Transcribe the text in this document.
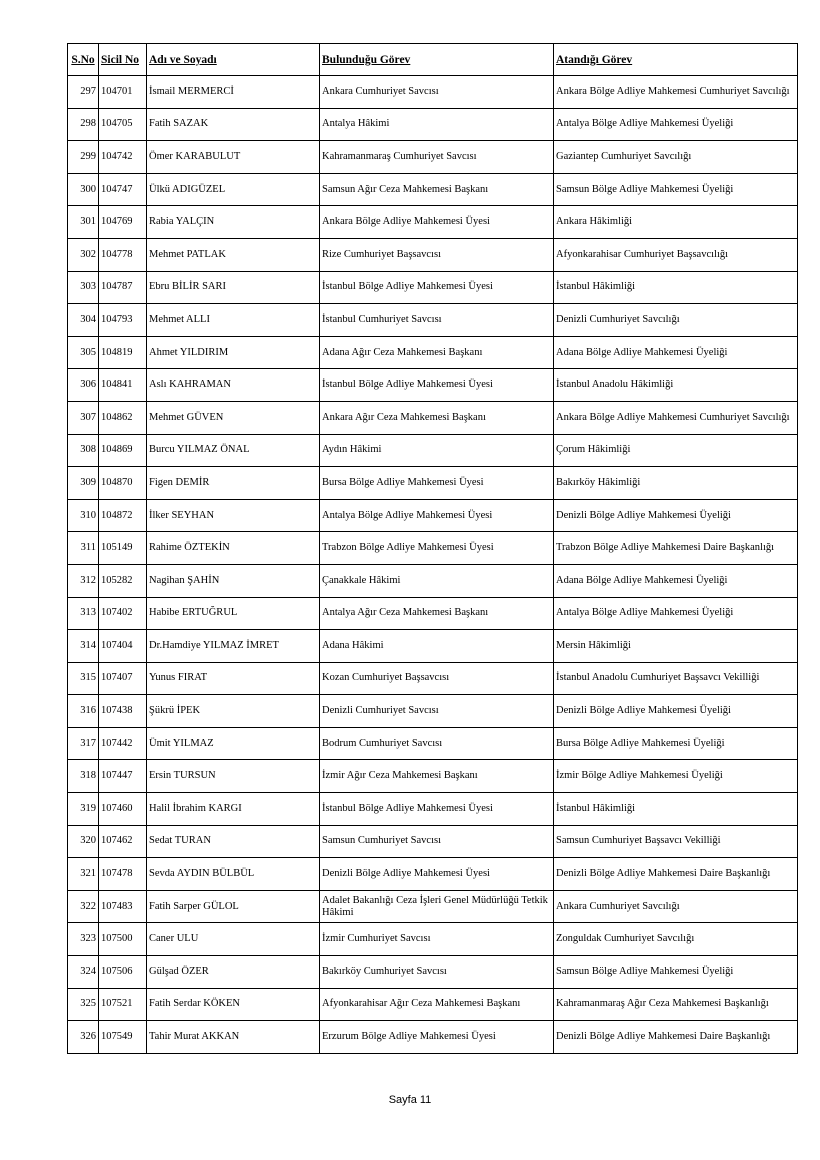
S.No	Sicil No	Adı ve Soyadı	Bulunduğu Görev	Atandığı Görev
297	104701	İsmail MERMERCİ	Ankara Cumhuriyet Savcısı	Ankara Bölge Adliye Mahkemesi Cumhuriyet Savcılığı
298	104705	Fatih SAZAK	Antalya Hâkimi	Antalya Bölge Adliye Mahkemesi Üyeliği
299	104742	Ömer KARABULUT	Kahramanmaraş Cumhuriyet Savcısı	Gaziantep Cumhuriyet Savcılığı
300	104747	Ülkü ADIGÜZEL	Samsun Ağır Ceza Mahkemesi Başkanı	Samsun Bölge Adliye Mahkemesi Üyeliği
301	104769	Rabia YALÇIN	Ankara Bölge Adliye Mahkemesi Üyesi	Ankara Hâkimliği
302	104778	Mehmet PATLAK	Rize Cumhuriyet Başsavcısı	Afyonkarahisar Cumhuriyet Başsavcılığı
303	104787	Ebru BİLİR SARI	İstanbul Bölge Adliye Mahkemesi Üyesi	İstanbul Hâkimliği
304	104793	Mehmet ALLI	İstanbul Cumhuriyet Savcısı	Denizli Cumhuriyet Savcılığı
305	104819	Ahmet YILDIRIM	Adana Ağır Ceza Mahkemesi Başkanı	Adana Bölge Adliye Mahkemesi Üyeliği
306	104841	Aslı KAHRAMAN	İstanbul Bölge Adliye Mahkemesi Üyesi	İstanbul Anadolu Hâkimliği
307	104862	Mehmet GÜVEN	Ankara Ağır Ceza Mahkemesi Başkanı	Ankara Bölge Adliye Mahkemesi Cumhuriyet Savcılığı
308	104869	Burcu YILMAZ ÖNAL	Aydın Hâkimi	Çorum Hâkimliği
309	104870	Figen DEMİR	Bursa Bölge Adliye Mahkemesi Üyesi	Bakırköy Hâkimliği
310	104872	İlker SEYHAN	Antalya Bölge Adliye Mahkemesi Üyesi	Denizli Bölge Adliye Mahkemesi Üyeliği
311	105149	Rahime ÖZTEKİN	Trabzon Bölge Adliye Mahkemesi Üyesi	Trabzon Bölge Adliye Mahkemesi Daire Başkanlığı
312	105282	Nagihan ŞAHİN	Çanakkale Hâkimi	Adana Bölge Adliye Mahkemesi Üyeliği
313	107402	Habibe ERTUĞRUL	Antalya Ağır Ceza Mahkemesi Başkanı	Antalya Bölge Adliye Mahkemesi Üyeliği
314	107404	Dr.Hamdiye YILMAZ İMRET	Adana Hâkimi	Mersin Hâkimliği
315	107407	Yunus FIRAT	Kozan Cumhuriyet Başsavcısı	İstanbul Anadolu Cumhuriyet Başsavcı Vekilliği
316	107438	Şükrü İPEK	Denizli Cumhuriyet Savcısı	Denizli Bölge Adliye Mahkemesi Üyeliği
317	107442	Ümit YILMAZ	Bodrum Cumhuriyet Savcısı	Bursa Bölge Adliye Mahkemesi Üyeliği
318	107447	Ersin TURSUN	İzmir Ağır Ceza Mahkemesi Başkanı	İzmir Bölge Adliye Mahkemesi Üyeliği
319	107460	Halil İbrahim KARGI	İstanbul Bölge Adliye Mahkemesi Üyesi	İstanbul Hâkimliği
320	107462	Sedat TURAN	Samsun Cumhuriyet Savcısı	Samsun Cumhuriyet Başsavcı Vekilliği
321	107478	Sevda AYDIN BÜLBÜL	Denizli Bölge Adliye Mahkemesi Üyesi	Denizli Bölge Adliye Mahkemesi Daire Başkanlığı
322	107483	Fatih Sarper GÜLOL	Adalet Bakanlığı Ceza İşleri Genel Müdürlüğü Tetkik Hâkimi	Ankara Cumhuriyet Savcılığı
323	107500	Caner ULU	İzmir Cumhuriyet Savcısı	Zonguldak Cumhuriyet Savcılığı
324	107506	Gülşad ÖZER	Bakırköy Cumhuriyet Savcısı	Samsun Bölge Adliye Mahkemesi Üyeliği
325	107521	Fatih Serdar KÖKEN	Afyonkarahisar Ağır Ceza Mahkemesi Başkanı	Kahramanmaraş Ağır Ceza Mahkemesi Başkanlığı
326	107549	Tahir Murat AKKAN	Erzurum Bölge Adliye Mahkemesi Üyesi	Denizli Bölge Adliye Mahkemesi Daire Başkanlığı
Sayfa 11
